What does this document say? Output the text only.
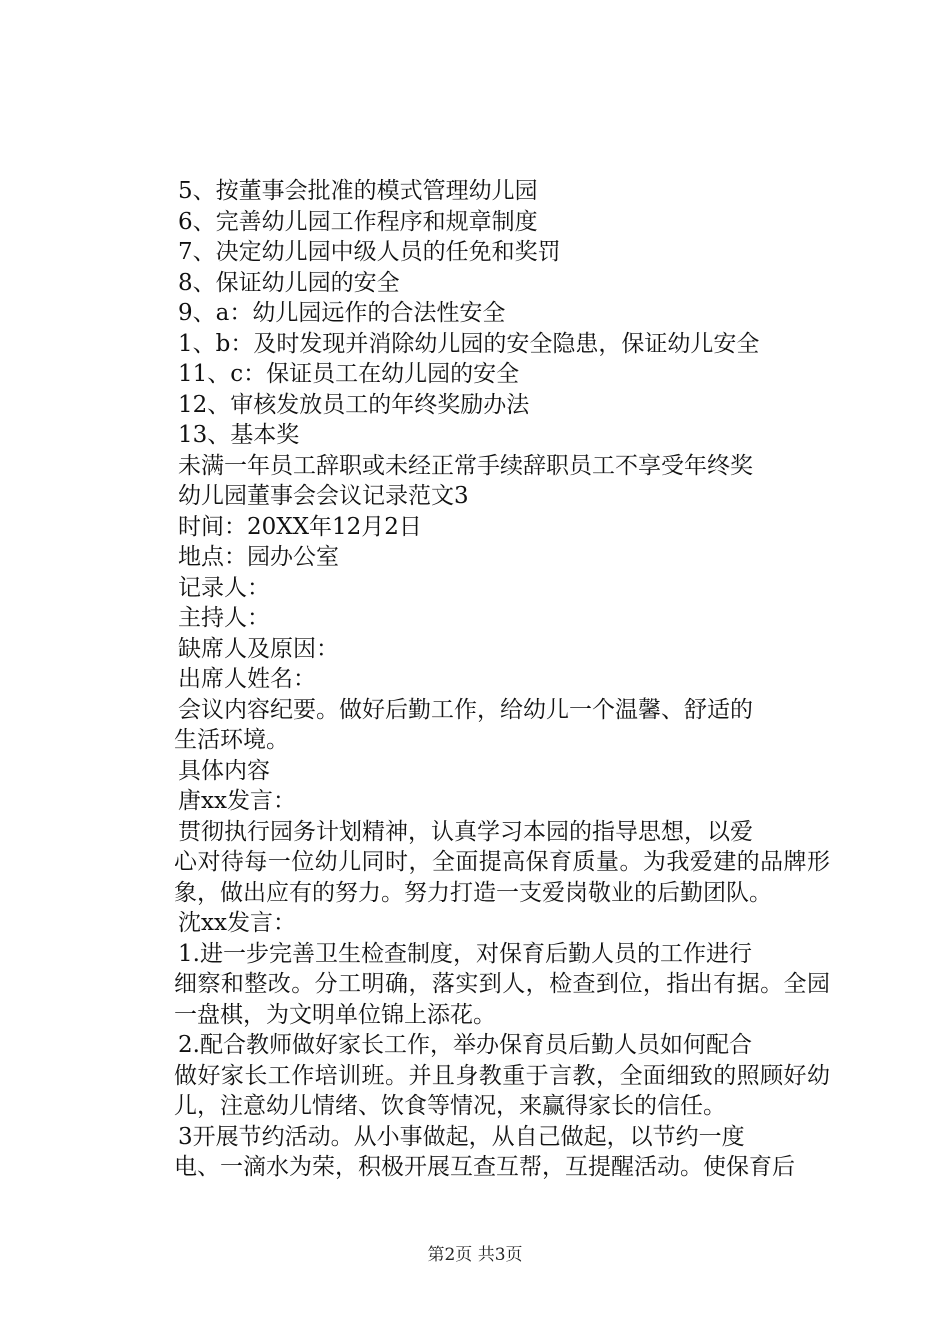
5、按董事会批准的模式管理幼儿园
6、完善幼儿园工作程序和规章制度
7、决定幼儿园中级人员的任免和奖罚
8、保证幼儿园的安全
9、a：幼儿园远作的合法性安全
1、b：及时发现并消除幼儿园的安全隐患，保证幼儿安全
11、c：保证员工在幼儿园的安全
12、审核发放员工的年终奖励办法
13、基本奖
未满一年员工辞职或未经正常手续辞职员工不享受年终奖
幼儿园董事会会议记录范文3
时间：20XX年12月2日
地点：园办公室
记录人：
主持人：
缺席人及原因：
出席人姓名：
会议内容纪要。做好后勤工作，给幼儿一个温馨、舒适的
生活环境。
具体内容
唐xx发言：
贯彻执行园务计划精神，认真学习本园的指导思想，以爱
心对待每一位幼儿同时，全面提高保育质量。为我爱建的品牌形象，做出应有的努力。努力打造一支爱岗敬业的后勤团队。
沈xx发言：
1.进一步完善卫生检查制度，对保育后勤人员的工作进行
细察和整改。分工明确，落实到人，检查到位，指出有据。全园一盘棋，为文明单位锦上添花。
2.配合教师做好家长工作，举办保育员后勤人员如何配合
做好家长工作培训班。并且身教重于言教，全面细致的照顾好幼儿，注意幼儿情绪、饮食等情况，来赢得家长的信任。
3开展节约活动。从小事做起，从自己做起，以节约一度
电、一滴水为荣，积极开展互查互帮，互提醒活动。使保育后
第2页 共3页
